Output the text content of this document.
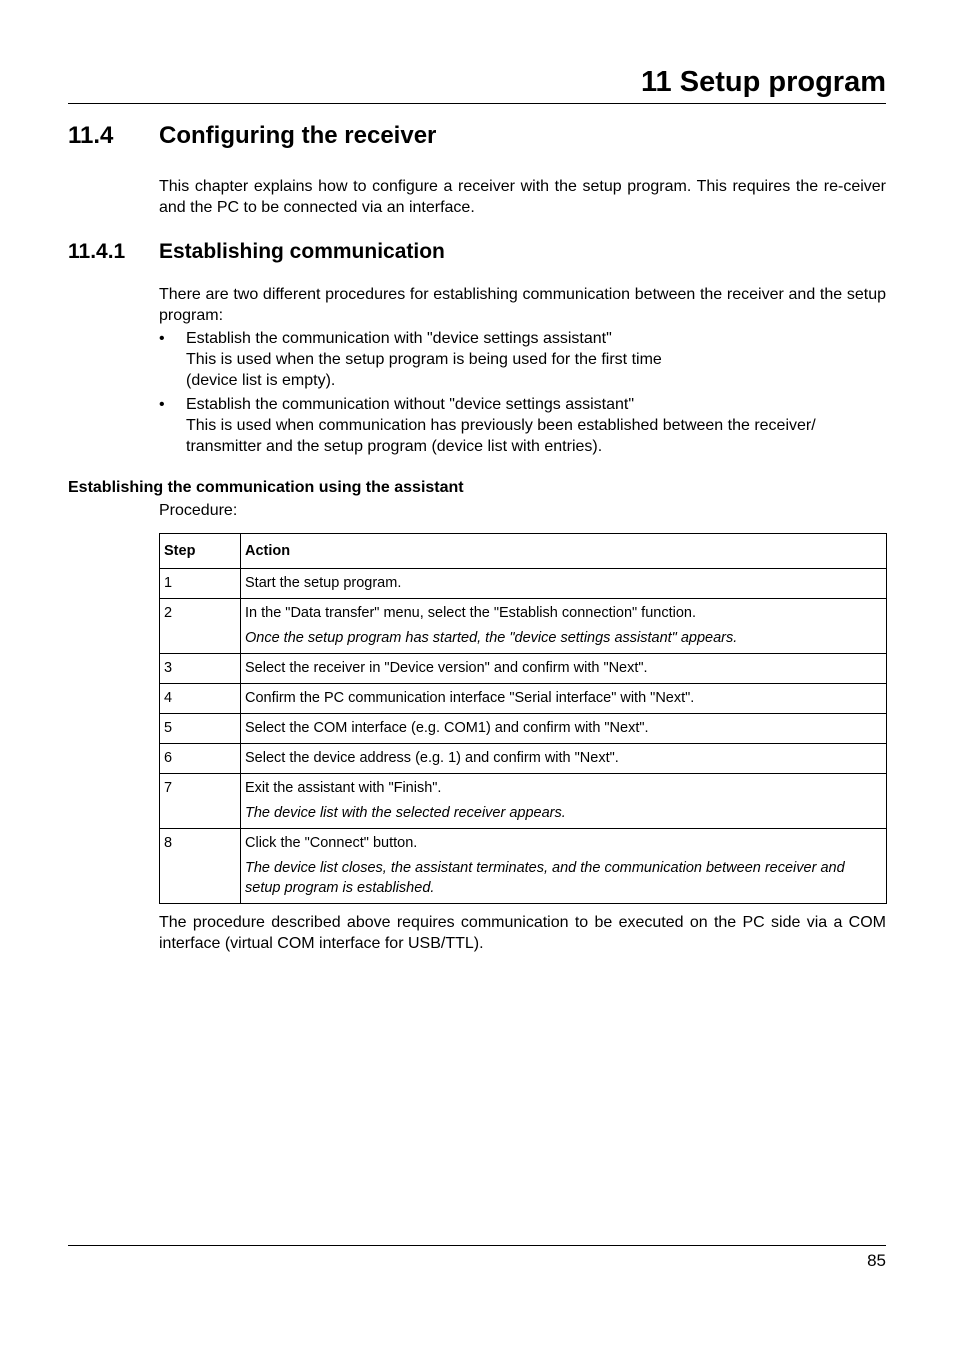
11 Setup program
11.4 Configuring the receiver

This chapter explains how to configure a receiver with the setup program. This requires the re-ceiver and the PC to be connected via an interface.

11.4.1 Establishing communication

There are two different procedures for establishing communication between the receiver and the setup program:

• Establish the communication with "device settings assistant"
This is used when the setup program is being used for the first time
(device list is empty).
• Establish the communication without "device settings assistant"
This is used when communication has previously been established between the receiver/
transmitter and the setup program (device list with entries).
Establishing the communication using the assistant
Procedure:
Step	Action
1	Start the setup program.
2	In the "Data transfer" menu, select the "Establish connection" function.
Once the setup program has started, the "device settings assistant" appears.

3	Select the receiver in "Device version" and confirm with "Next".
4	Confirm the PC communication interface "Serial interface" with "Next".
5	Select the COM interface (e.g. COM1) and confirm with "Next".
6	Select the device address (e.g. 1) and confirm with "Next".
7	Exit the assistant with "Finish".
The device list with the selected receiver appears.

8	Click the "Connect" button.
The device list closes, the assistant terminates, and the communication between receiver and setup program is established.

The procedure described above requires communication to be executed on the PC side via a COM interface (virtual COM interface for USB/TTL).

85
